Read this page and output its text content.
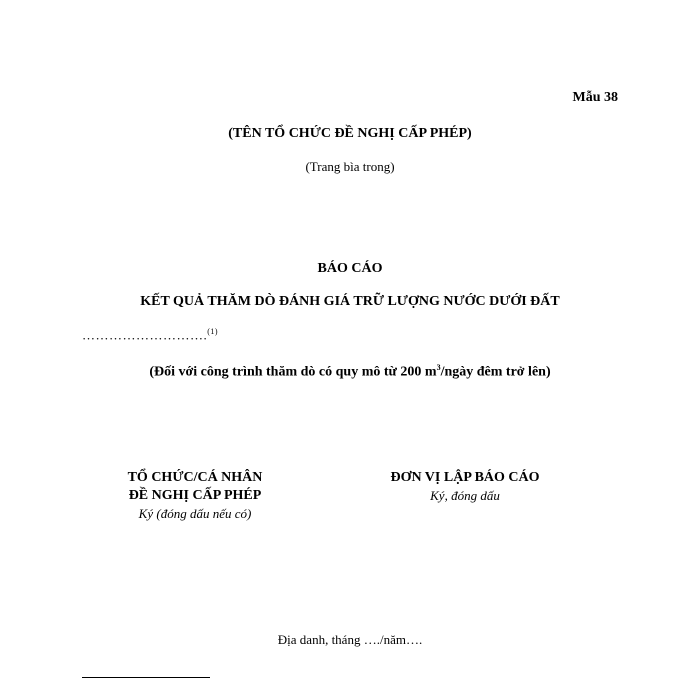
Mẫu 38
(TÊN TỔ CHỨC ĐỀ NGHỊ CẤP PHÉP)
(Trang bìa trong)
BÁO CÁO
KẾT QUẢ THĂM DÒ ĐÁNH GIÁ TRỮ LƯỢNG NƯỚC DƯỚI ĐẤT
……………………….$^{(1)}$
(Đối với công trình thăm dò có quy mô từ 200 $m^3$/ngày đêm trở lên)
TỔ CHỨC/CÁ NHÂN
ĐỀ NGHỊ CẤP PHÉP
Ký (đóng dấu nếu có)
ĐƠN VỊ LẬP BÁO CÁO
Ký, đóng dấu
Địa danh, tháng …./năm….
